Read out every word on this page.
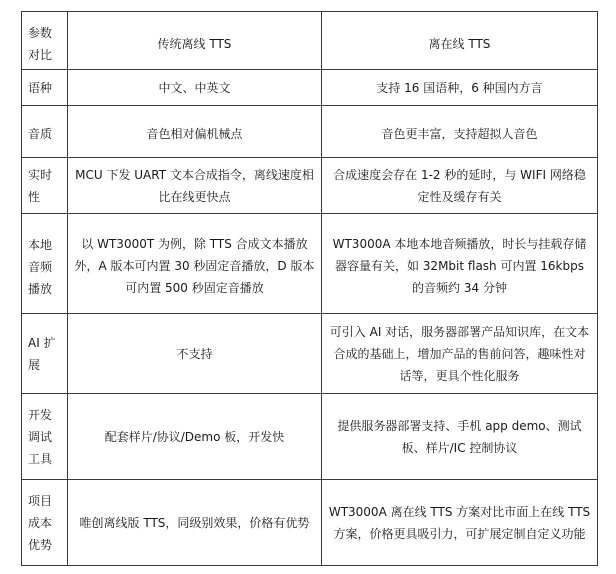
参数对比	传统离线 TTS	离在线 TTS
语种	中文、中英文	支持 16 国语种，6 种国内方言
音质	音色相对偏机械点	音色更丰富，支持超拟人音色
实时性	MCU 下发 UART 文本合成指令，离线速度相比在线更快点	合成速度会存在 1-2 秒的延时，与 WIFI 网络稳定性及缓存有关
本地音频播放	以 WT3000T 为例，除 TTS 合成文本播放外，A 版本可内置 30 秒固定音播放，D 版本可内置 500 秒固定音播放	WT3000A 本地本地音频播放，时长与挂载存储器容量有关，如 32Mbit flash 可内置 16kbps 的音频约 34 分钟
AI 扩展	不支持	可引入 AI 对话，服务器部署产品知识库，在文本合成的基础上，增加产品的售前问答，趣味性对话等，更具个性化服务
开发调试工具	配套样片/协议/Demo 板，开发快	提供服务器部署支持、手机 app demo、测试板、样片/IC 控制协议
项目成本优势	唯创离线版 TTS，同级别效果，价格有优势	WT3000A 离在线 TTS 方案对比市面上在线 TTS 方案，价格更具吸引力，可扩展定制自定义功能
